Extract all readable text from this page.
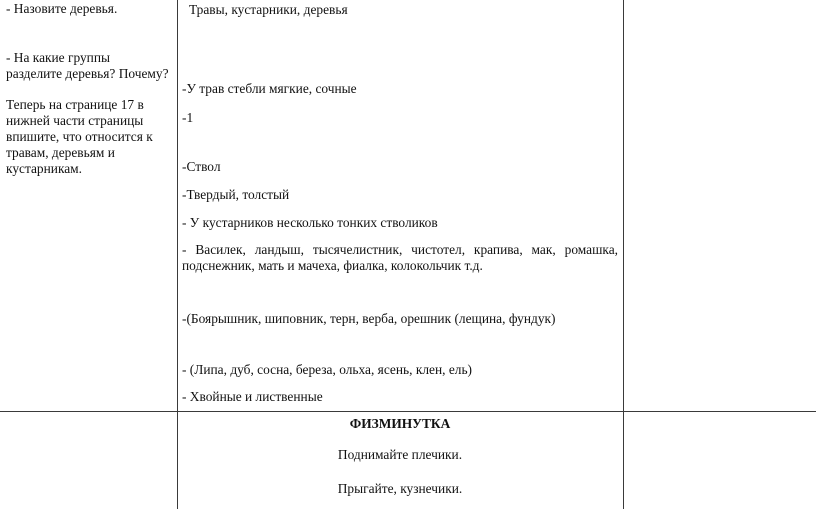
- Назовите деревья.
- На какие группы
разделите деревья? Почему?
Теперь на странице 17 в
нижней части страницы
впишите, что относится к
травам, деревьям и
кустарникам.
Травы, кустарники, деревья
-У трав стебли мягкие, сочные
-1
-Ствол
-Твердый, толстый
- У кустарников несколько тонких стволиков
- Василек, ландыш, тысячелистник, чистотел, крапива, мак, ромашка,
подснежник, мать и мачеха, фиалка, колокольчик т.д.
-(Боярышник, шиповник, терн, верба, орешник (лещина, фундук)
- (Липа, дуб, сосна, береза, ольха, ясень, клен, ель)
- Хвойные и лиственные
ФИЗМИНУТКА
Поднимайте плечики.
Прыгайте, кузнечики.
